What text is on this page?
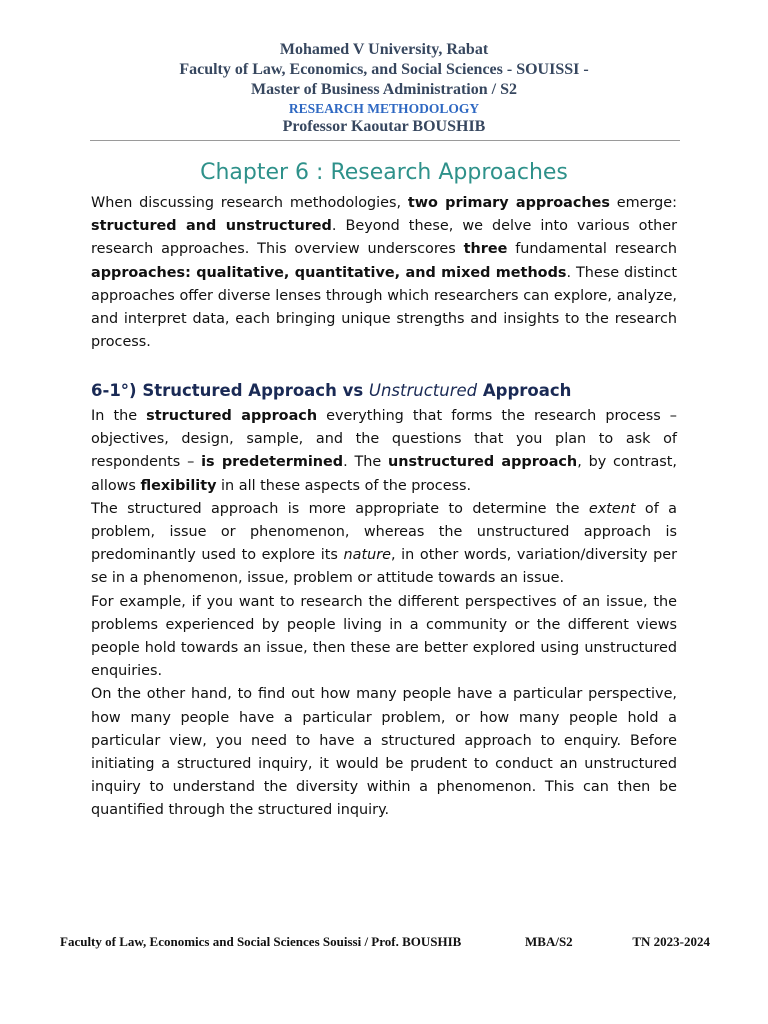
Mohamed V University, Rabat
Faculty of Law, Economics, and Social Sciences - SOUISSI -
Master of Business Administration / S2
RESEARCH METHODOLOGY
Professor Kaoutar BOUSHIB
Chapter 6 : Research Approaches

When discussing research methodologies, two primary approaches emerge: structured and unstructured. Beyond these, we delve into various other research approaches. This overview underscores three fundamental research approaches: qualitative, quantitative, and mixed methods. These distinct approaches offer diverse lenses through which researchers can explore, analyze, and interpret data, each bringing unique strengths and insights to the research process.

6-1°) Structured Approach vs Unstructured Approach

In the structured approach everything that forms the research process – objectives, design, sample, and the questions that you plan to ask of respondents – is predetermined. The unstructured approach, by contrast, allows flexibility in all these aspects of the process.

The structured approach is more appropriate to determine the extent of a problem, issue or phenomenon, whereas the unstructured approach is predominantly used to explore its nature, in other words, variation/diversity per se in a phenomenon, issue, problem or attitude towards an issue.

For example, if you want to research the different perspectives of an issue, the problems experienced by people living in a community or the different views people hold towards an issue, then these are better explored using unstructured enquiries.

On the other hand, to find out how many people have a particular perspective, how many people have a particular problem, or how many people hold a particular view, you need to have a structured approach to enquiry. Before initiating a structured inquiry, it would be prudent to conduct an unstructured inquiry to understand the diversity within a phenomenon. This can then be quantified through the structured inquiry.

Faculty of Law, Economics and Social Sciences Souissi / Prof. BOUSHIB	MBA/S2	TN 2023-2024
